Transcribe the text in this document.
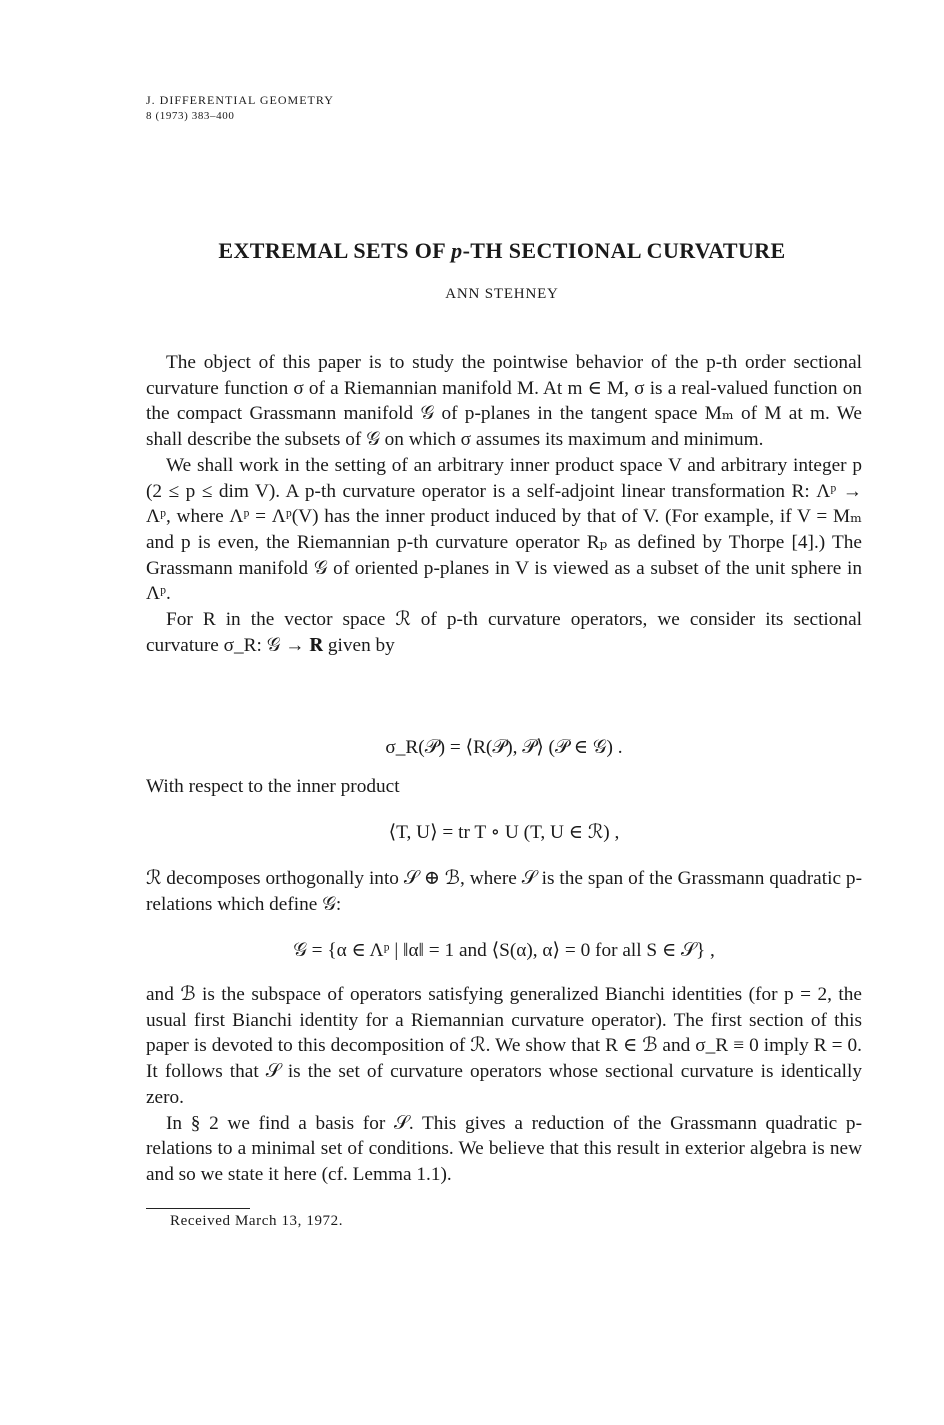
J. DIFFERENTIAL GEOMETRY
8 (1973) 383–400
EXTREMAL SETS OF p-TH SECTIONAL CURVATURE
ANN STEHNEY

The object of this paper is to study the pointwise behavior of the p-th order sectional curvature function σ of a Riemannian manifold M. At m ∈ M, σ is a real-valued function on the compact Grassmann manifold 𝒢 of p-planes in the tangent space Mₘ of M at m. We shall describe the subsets of 𝒢 on which σ assumes its maximum and minimum.

We shall work in the setting of an arbitrary inner product space V and arbitrary integer p (2 ≤ p ≤ dim V). A p-th curvature operator is a self-adjoint linear transformation R: Λᵖ → Λᵖ, where Λᵖ = Λᵖ(V) has the inner product induced by that of V. (For example, if V = Mₘ and p is even, the Riemannian p-th curvature operator Rₚ as defined by Thorpe [4].) The Grassmann manifold 𝒢 of oriented p-planes in V is viewed as a subset of the unit sphere in Λᵖ.

For R in the vector space ℛ of p-th curvature operators, we consider its sectional curvature σ_R: 𝒢 → 𝐑 given by

σ_R(𝒫) = ⟨R(𝒫), 𝒫⟩ (𝒫 ∈ 𝒢) .

With respect to the inner product

⟨T, U⟩ = tr T ∘ U (T, U ∈ ℛ) ,

ℛ decomposes orthogonally into 𝒮 ⊕ ℬ, where 𝒮 is the span of the Grassmann quadratic p-relations which define 𝒢:

𝒢 = {α ∈ Λᵖ | ‖α‖ = 1 and ⟨S(α), α⟩ = 0 for all S ∈ 𝒮} ,

and ℬ is the subspace of operators satisfying generalized Bianchi identities (for p = 2, the usual first Bianchi identity for a Riemannian curvature operator). The first section of this paper is devoted to this decomposition of ℛ. We show that R ∈ ℬ and σ_R ≡ 0 imply R = 0. It follows that 𝒮 is the set of curvature operators whose sectional curvature is identically zero.

In § 2 we find a basis for 𝒮. This gives a reduction of the Grassmann quadratic p-relations to a minimal set of conditions. We believe that this result in exterior algebra is new and so we state it here (cf. Lemma 1.1).

Received March 13, 1972.
